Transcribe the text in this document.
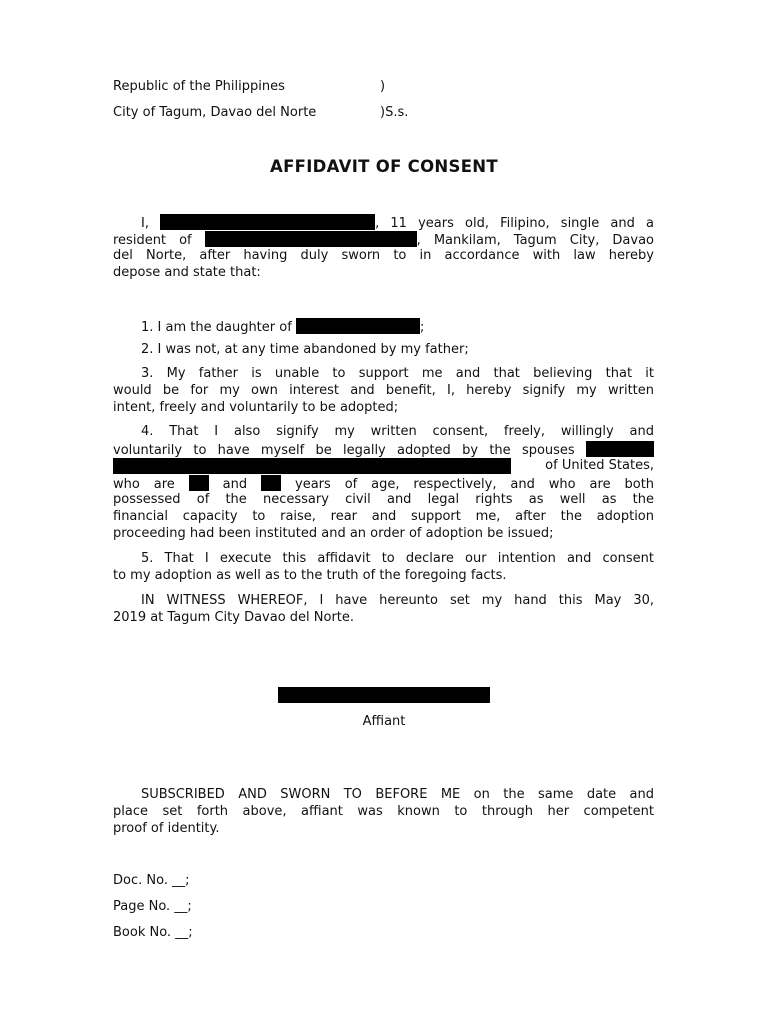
Republic of the Philippines	)
City of Tagum, Davao del Norte	)S.s.
AFFIDAVIT OF CONSENT
I,	, 11 years old, Filipino, single and a
resident of	, Mankilam, Tagum City, Davao
del Norte, after having duly sworn to in accordance with law hereby
depose and state that:
1. I am the daughter of	;
2. I was not, at any time abandoned by my father;
3. My father is unable to support me and that believing that it
would be for my own interest and benefit, I, hereby signify my written
intent, freely and voluntarily to be adopted;
4. That I also signify my written consent, freely, willingly and
voluntarily to have myself be legally adopted by the spouses
of United States,
who are	and	years of age, respectively, and who are both
possessed of the necessary civil and legal rights as well as the
financial capacity to raise, rear and support me, after the adoption
proceeding had been instituted and an order of adoption be issued;
5. That I execute this affidavit to declare our intention and consent
to my adoption as well as to the truth of the foregoing facts.
IN WITNESS WHEREOF, I have hereunto set my hand this May 30,
2019 at Tagum City Davao del Norte.
Affiant
SUBSCRIBED AND SWORN TO BEFORE ME on the same date and
place set forth above, affiant was known to through her competent
proof of identity.
Doc. No. __;
Page No. __;
Book No. __;
